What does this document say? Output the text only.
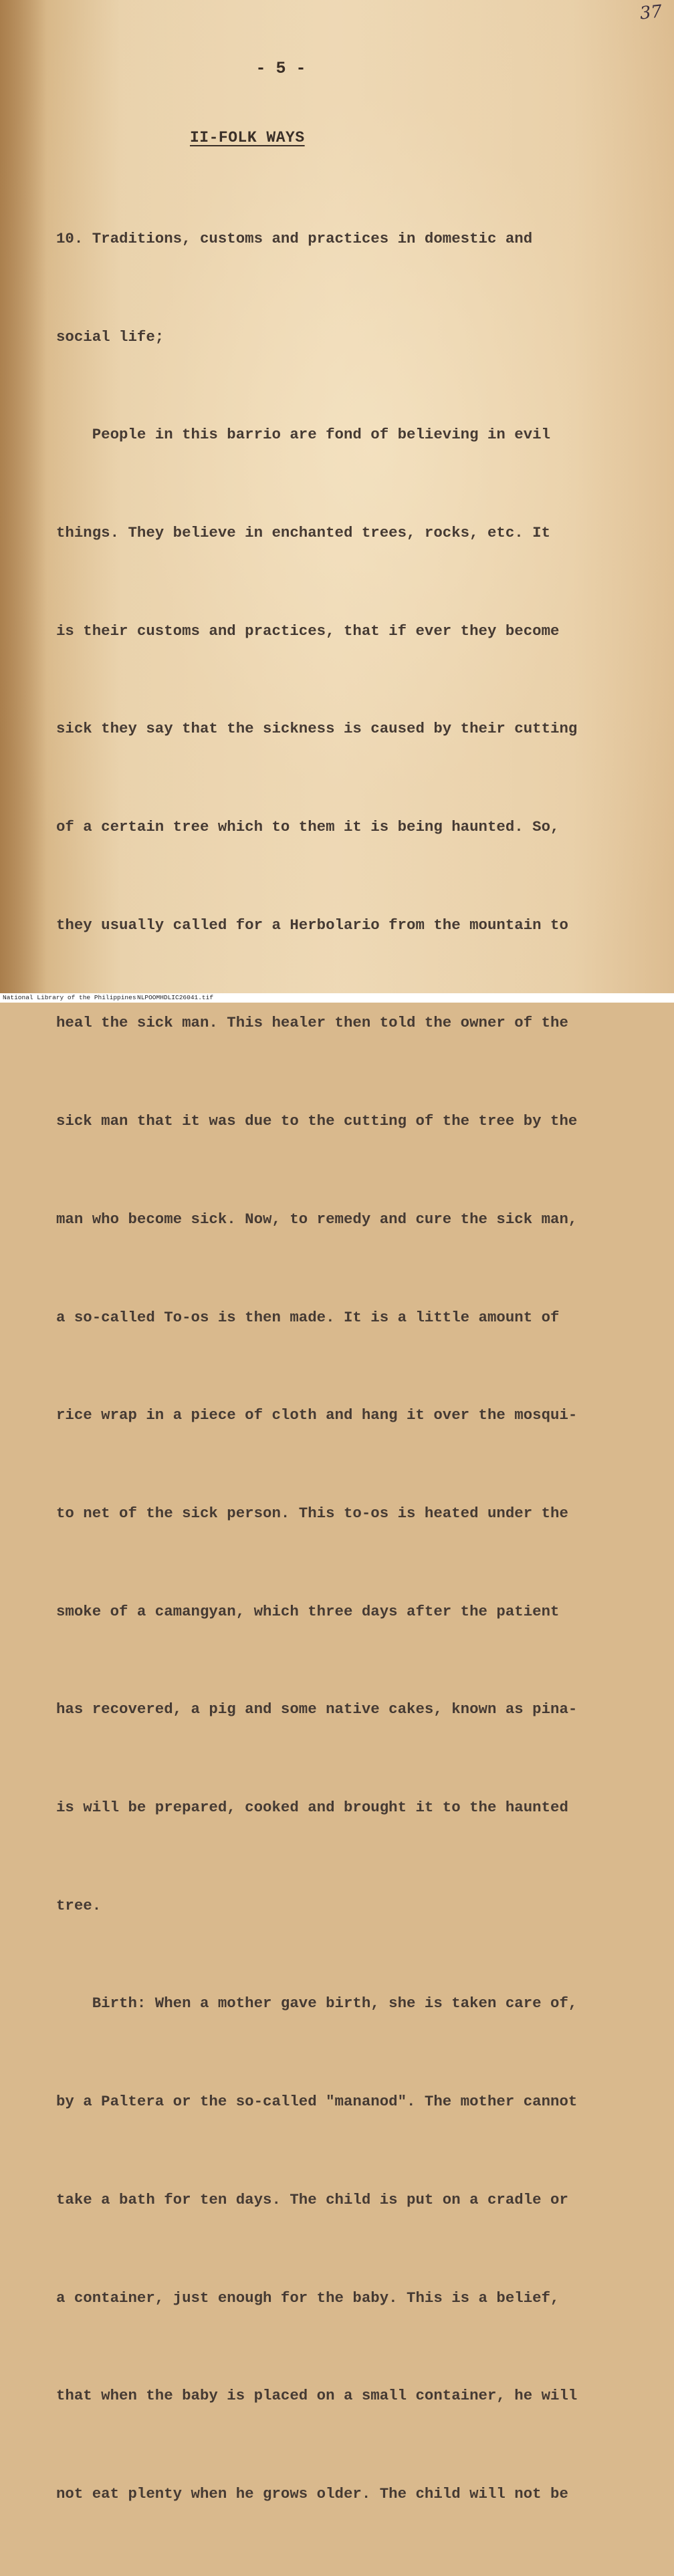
37
- 5 -
II-FOLK WAYS

10. Traditions, customs and practices in domestic and

social life;

People in this barrio are fond of believing in evil

things. They believe in enchanted trees, rocks, etc. It

is their customs and practices, that if ever they become

sick they say that the sickness is caused by their cutting

of a certain tree which to them it is being haunted. So,

they usually called for a Herbolario from the mountain to

heal the sick man. This healer then told the owner of the

sick man that it was due to the cutting of the tree by the

man who become sick. Now, to remedy and cure the sick man,

a so-called To-os is then made. It is a little amount of

rice wrap in a piece of cloth and hang it over the mosqui-

to net of the sick person. This to-os is heated under the

smoke of a camangyan, which three days after the patient

has recovered, a pig and some native cakes, known as pina-

is will be prepared, cooked and brought it to the haunted

tree.

Birth: When a mother gave birth, she is taken care of,

by a Paltera or the so-called "mananod". The mother cannot

take a bath for ten days. The child is put on a cradle or

a container, just enough for the baby. This is a belief,

that when the baby is placed on a small container, he will

not eat plenty when he grows older. The child will not be

National Library of the Philippines NLPOOMHDLIC26041.tif
